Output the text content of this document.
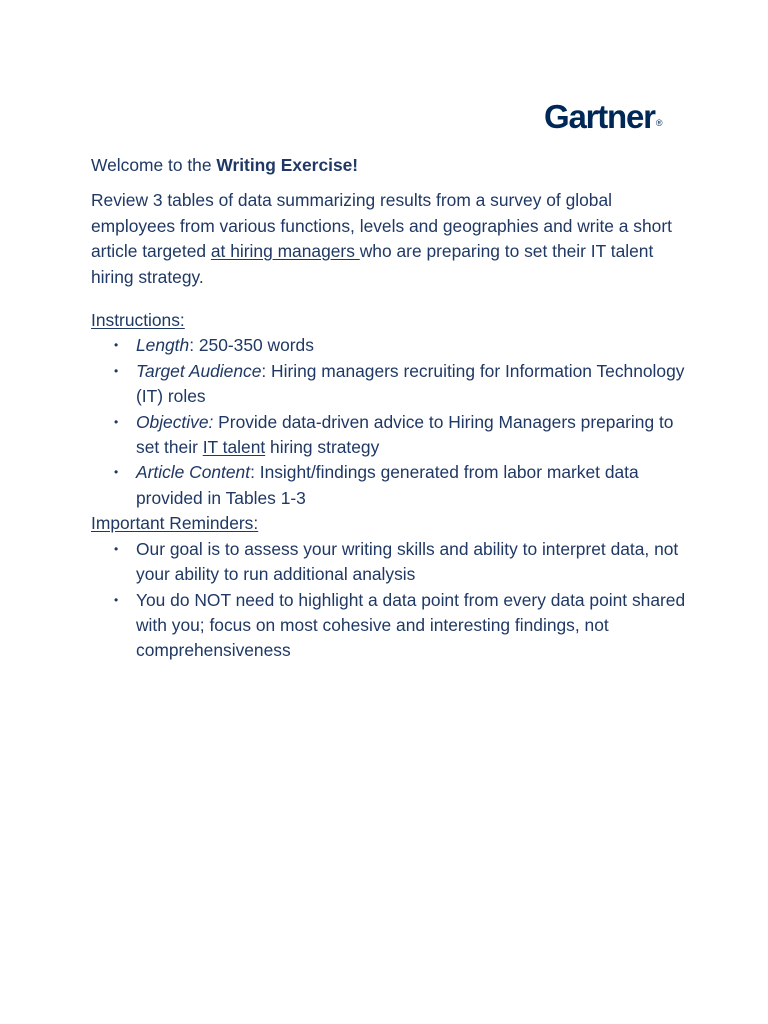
Gartner®

Welcome to the Writing Exercise!

Review 3 tables of data summarizing results from a survey of global employees from various functions, levels and geographies and write a short article targeted at hiring managers who are preparing to set their IT talent hiring strategy.

Instructions:
• Length: 250-350 words
• Target Audience: Hiring managers recruiting for Information Technology (IT) roles
• Objective: Provide data-driven advice to Hiring Managers preparing to set their IT talent hiring strategy
• Article Content: Insight/findings generated from labor market data provided in Tables 1-3
Important Reminders:
• Our goal is to assess your writing skills and ability to interpret data, not your ability to run additional analysis
• You do NOT need to highlight a data point from every data point shared with you; focus on most cohesive and interesting findings, not comprehensiveness
